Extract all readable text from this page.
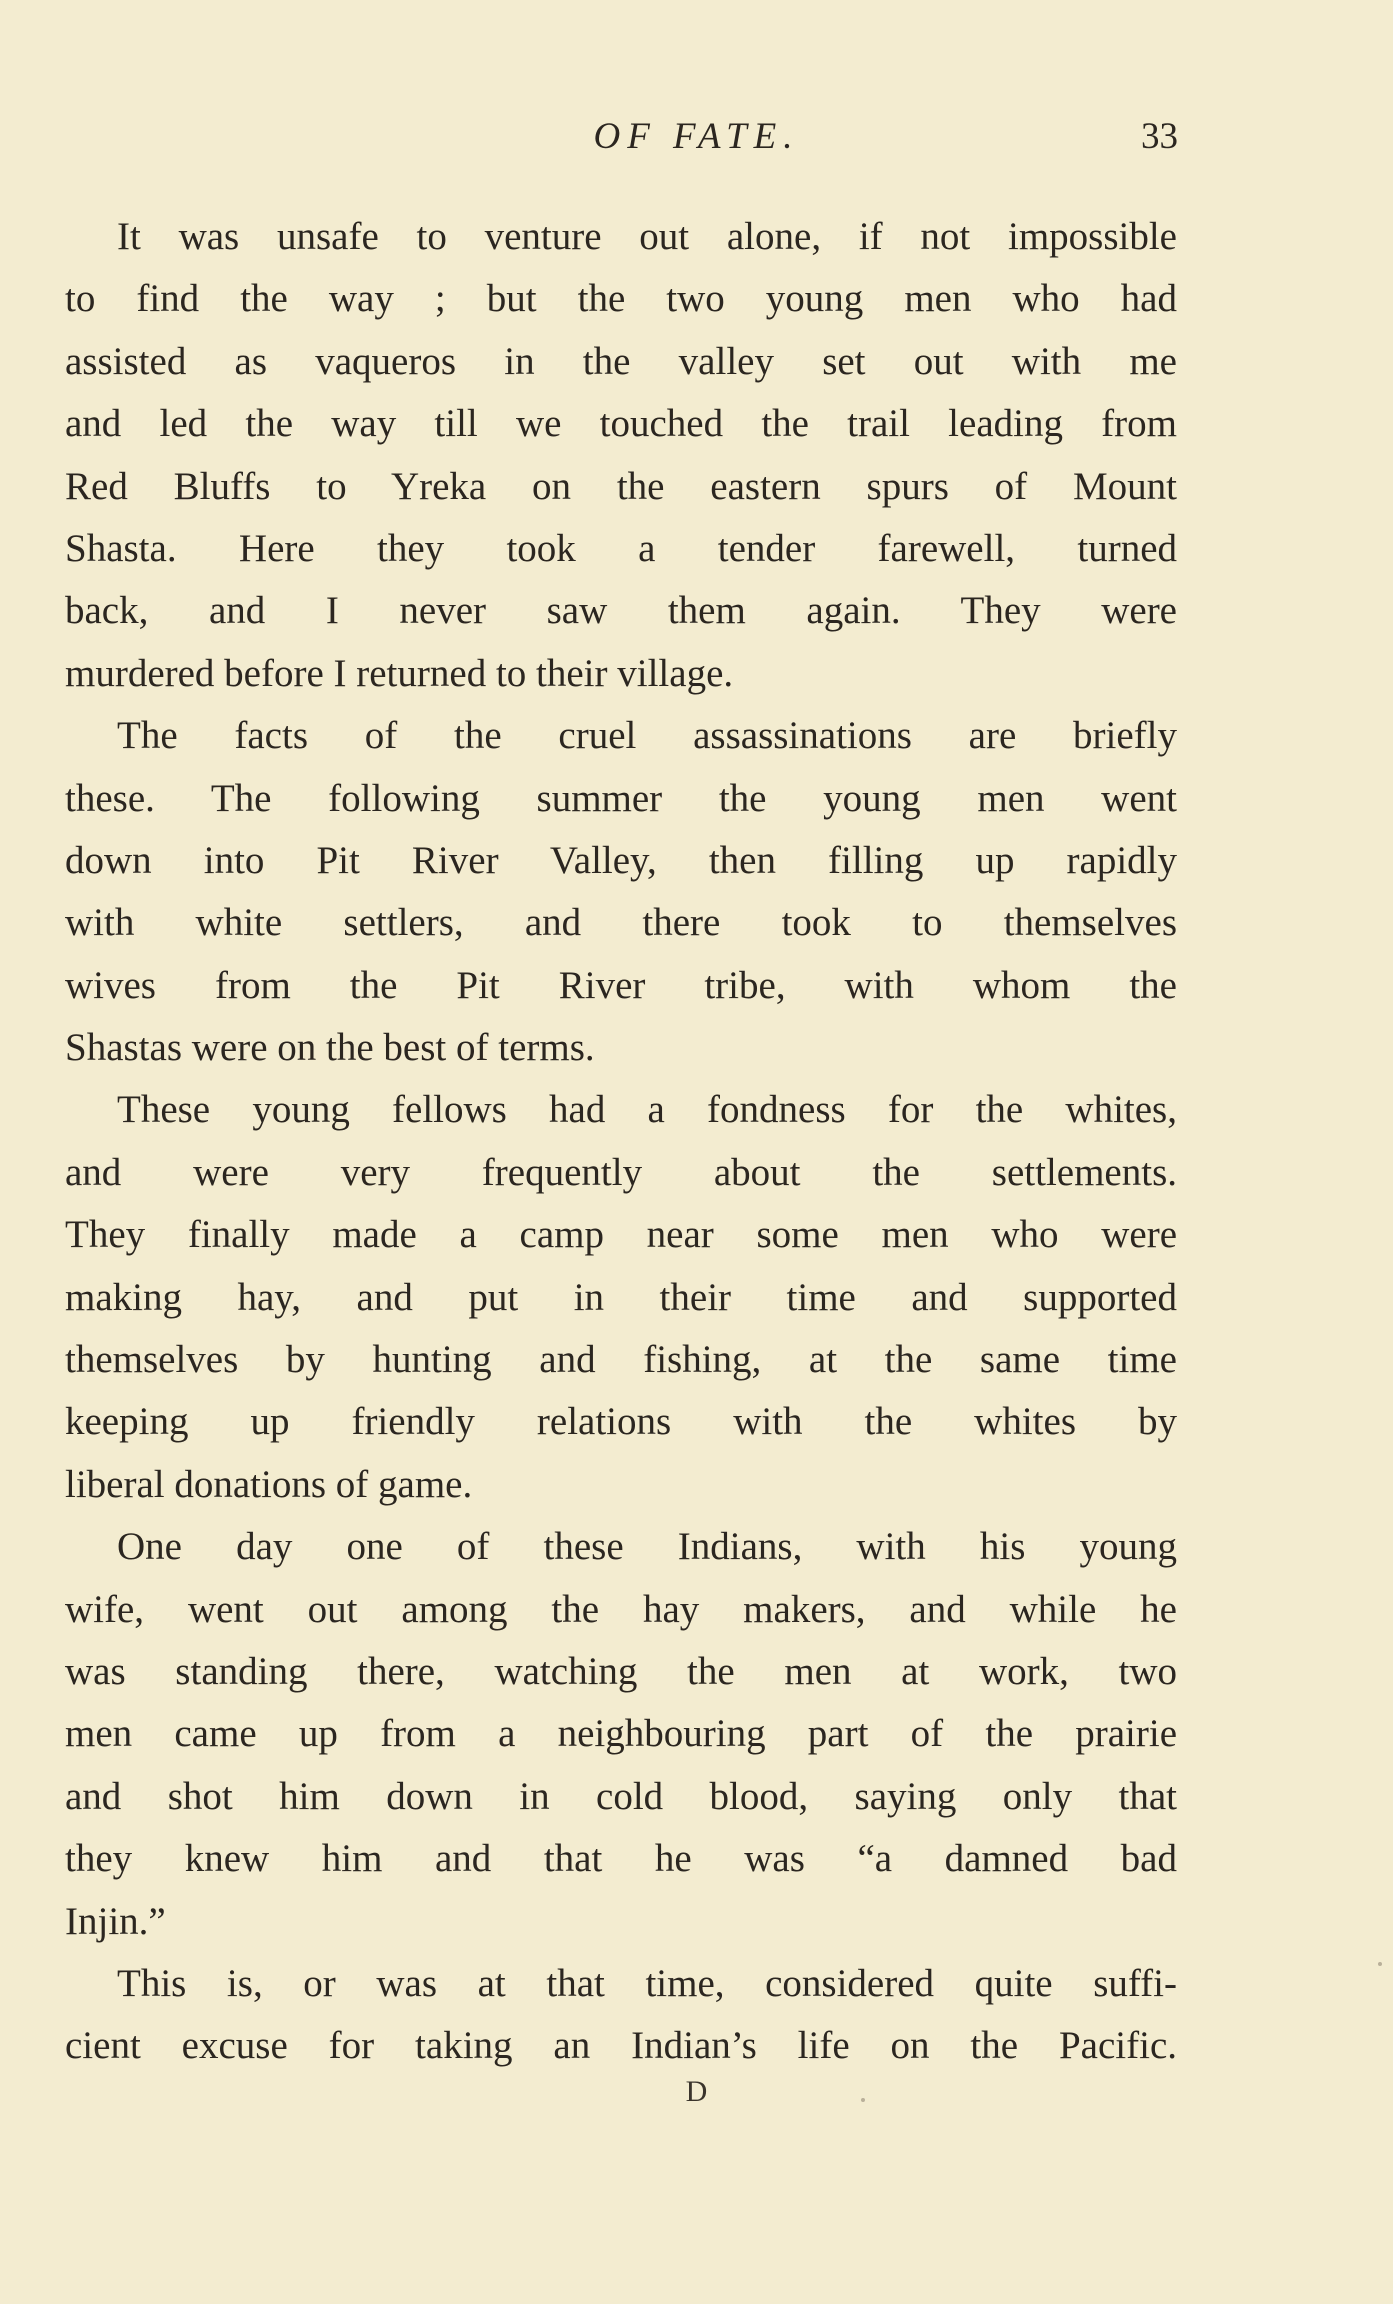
OF FATE.	33
It was unsafe to venture out alone, if not impossible
to find the way ; but the two young men who had
assisted as vaqueros in the valley set out with me
and led the way till we touched the trail leading from
Red Bluffs to Yreka on the eastern spurs of Mount
Shasta. Here they took a tender farewell, turned
back, and I never saw them again. They were
murdered before I returned to their village.
The facts of the cruel assassinations are briefly
these. The following summer the young men went
down into Pit River Valley, then filling up rapidly
with white settlers, and there took to themselves
wives from the Pit River tribe, with whom the
Shastas were on the best of terms.
These young fellows had a fondness for the whites,
and were very frequently about the settlements.
They finally made a camp near some men who were
making hay, and put in their time and supported
themselves by hunting and fishing, at the same time
keeping up friendly relations with the whites by
liberal donations of game.
One day one of these Indians, with his young
wife, went out among the hay makers, and while he
was standing there, watching the men at work, two
men came up from a neighbouring part of the prairie
and shot him down in cold blood, saying only that
they knew him and that he was “a damned bad
Injin.”
This is, or was at that time, considered quite suffi-
cient excuse for taking an Indian’s life on the Pacific.
D
